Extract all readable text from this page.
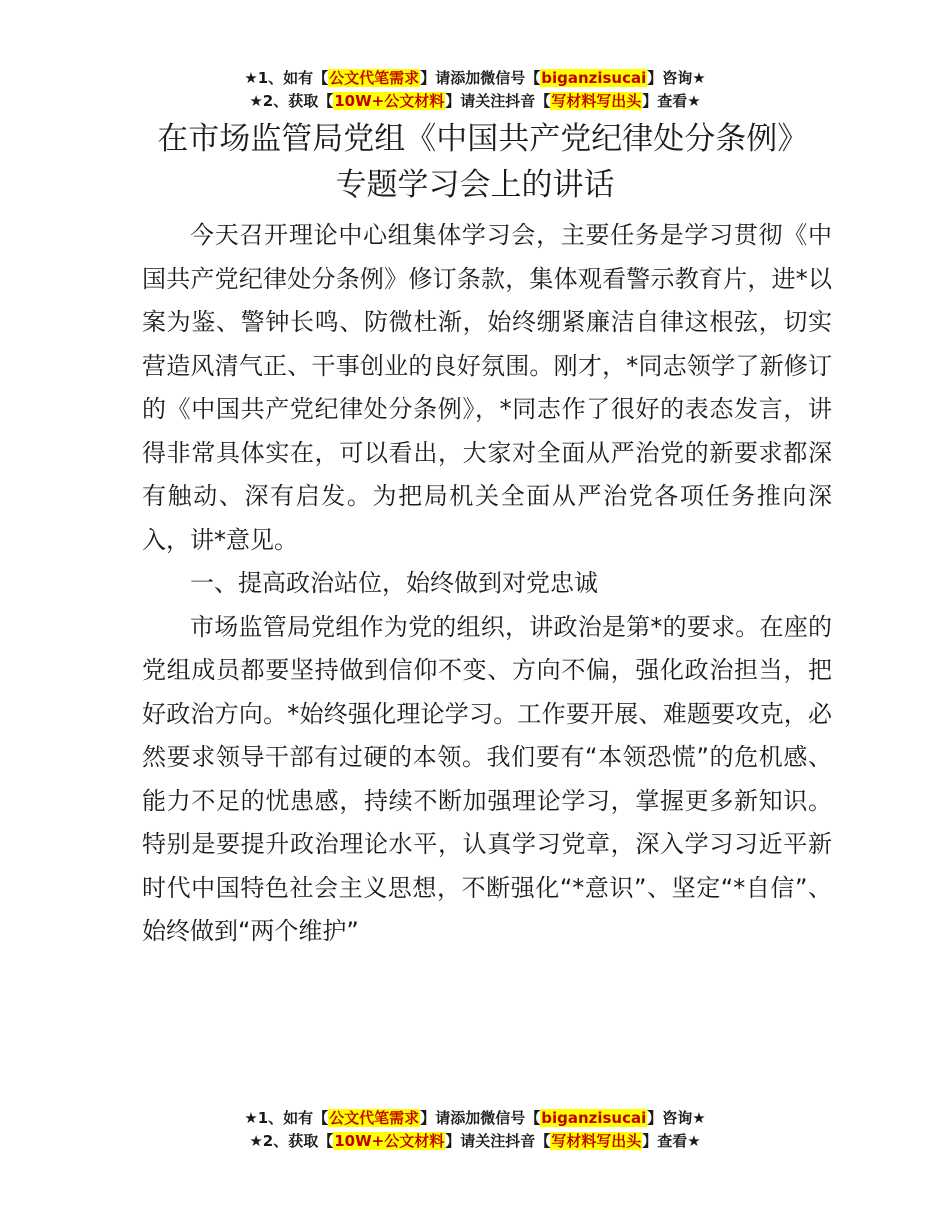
★1、如有【公文代笔需求】请添加微信号【biganzisucai】咨询★
★2、获取【10W+公文材料】请关注抖音【写材料写出头】查看★
在市场监管局党组《中国共产党纪律处分条例》专题学习会上的讲话

今天召开理论中心组集体学习会，主要任务是学习贯彻《中国共产党纪律处分条例》修订条款，集体观看警示教育片，进*以案为鉴、警钟长鸣、防微杜渐，始终绷紧廉洁自律这根弦，切实营造风清气正、干事创业的良好氛围。刚才，*同志领学了新修订的《中国共产党纪律处分条例》，*同志作了很好的表态发言，讲得非常具体实在，可以看出，大家对全面从严治党的新要求都深有触动、深有启发。为把局机关全面从严治党各项任务推向深入，讲*意见。

一、提高政治站位，始终做到对党忠诚

市场监管局党组作为党的组织，讲政治是第*的要求。在座的党组成员都要坚持做到信仰不变、方向不偏，强化政治担当，把好政治方向。*始终强化理论学习。工作要开展、难题要攻克，必然要求领导干部有过硬的本领。我们要有“本领恐慌”的危机感、能力不足的忧患感，持续不断加强理论学习，掌握更多新知识。特别是要提升政治理论水平，认真学习党章，深入学习习近平新时代中国特色社会主义思想，不断强化“*意识”、坚定“*自信”、始终做到“两个维护”

★1、如有【公文代笔需求】请添加微信号【biganzisucai】咨询★
★2、获取【10W+公文材料】请关注抖音【写材料写出头】查看★
